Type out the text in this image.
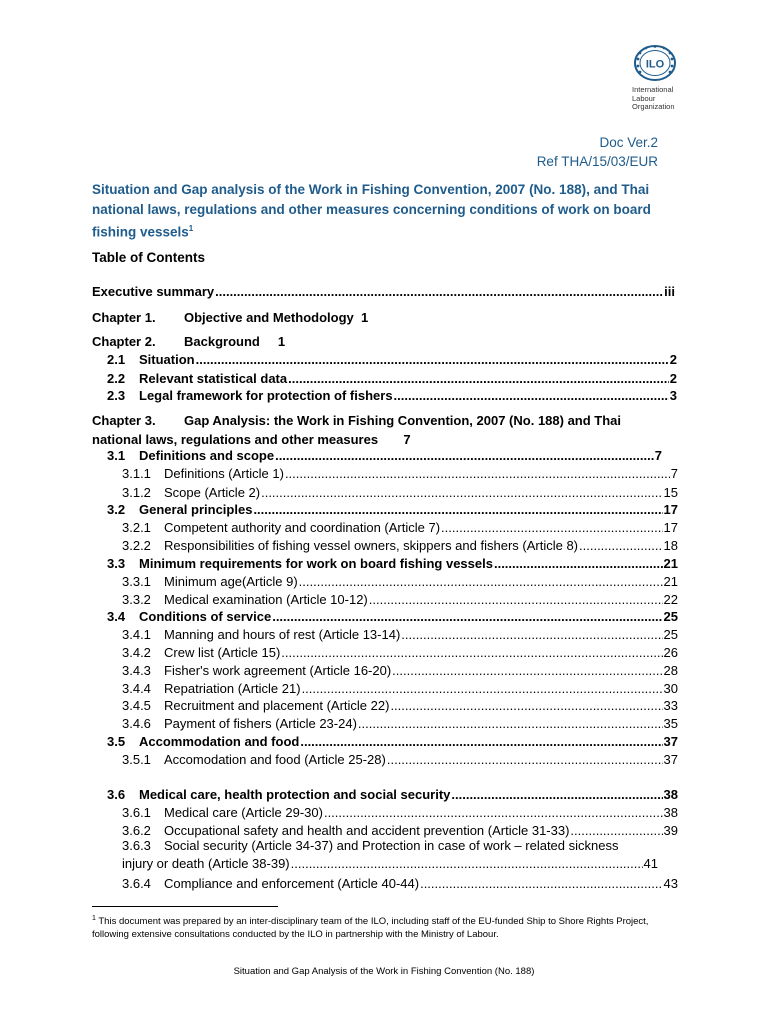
ILO
International
Labour
Organization
Doc Ver.2
Ref THA/15/03/EUR
Situation and Gap analysis of the Work in Fishing Convention, 2007 (No. 188), and Thai national laws, regulations and other measures concerning conditions of work on board fishing vessels$^1$
Table of Contents
Executive summary .....	iii
Chapter 1. Objective and Methodology 1
Chapter 2. Background 1
2.1	Situation .....	2
2.2	Relevant statistical data .....	2
2.3	Legal framework for protection of fishers .....	3
Chapter 3. Gap Analysis: the Work in Fishing Convention, 2007 (No. 188) and Thai national laws, regulations and other measures 7
3.1	Definitions and scope .....	7
3.1.1	Definitions (Article 1) .....	7
3.1.2	Scope (Article 2) .....	15
3.2	General principles .....	17
3.2.1	Competent authority and coordination (Article 7) .....	17
3.2.2	Responsibilities of fishing vessel owners, skippers and fishers (Article 8) .....	18
3.3	Minimum requirements for work on board fishing vessels .....	21
3.3.1	Minimum age(Article 9) .....	21
3.3.2	Medical examination (Article 10-12) .....	22
3.4	Conditions of service .....	25
3.4.1	Manning and hours of rest (Article 13-14) .....	25
3.4.2	Crew list (Article 15) .....	26
3.4.3	Fisher's work agreement (Article 16-20) .....	28
3.4.4	Repatriation (Article 21) .....	30
3.4.5	Recruitment and placement (Article 22) .....	33
3.4.6	Payment of fishers (Article 23-24) .....	35
3.5	Accommodation and food .....	37
3.5.1	Accomodation and food (Article 25-28) .....	37
3.6	Medical care, health protection and social security .....	38
3.6.1	Medical care (Article 29-30) .....	38
3.6.2	Occupational safety and health and accident prevention (Article 31-33) .....	39
3.6.3 Social security (Article 34-37) and Protection in case of work – related sickness
injury or death (Article 38-39) .....	41
3.6.4	Compliance and enforcement (Article 40-44) .....	43
$^1$ This document was prepared by an inter-disciplinary team of the ILO, including staff of the EU-funded Ship to Shore Rights Project, following extensive consultations conducted by the ILO in partnership with the Ministry of Labour.
Situation and Gap Analysis of the Work in Fishing Convention (No. 188)
